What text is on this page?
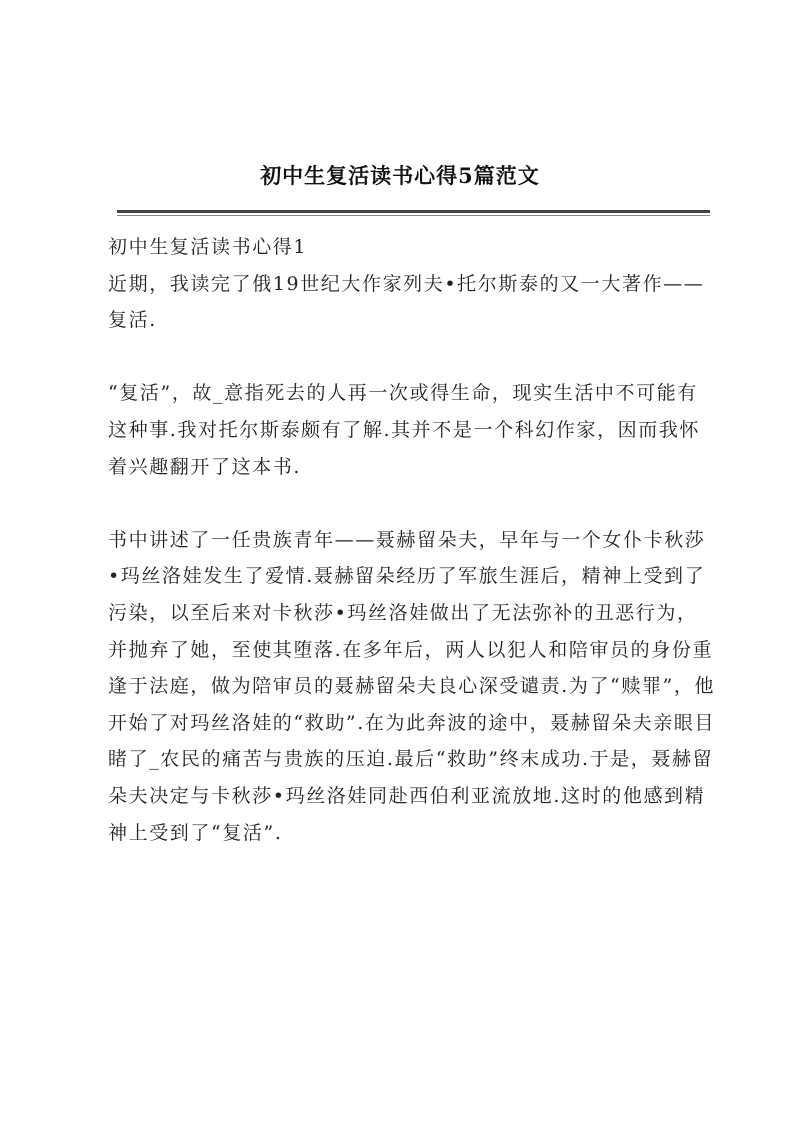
初中生复活读书心得5篇范文

初中生复活读书心得1

近期，我读完了俄19世纪大作家列夫•托尔斯泰的又一大著作——复活.

“复活”，故_意指死去的人再一次或得生命，现实生活中不可能有这种事.我对托尔斯泰颇有了解.其并不是一个科幻作家，因而我怀着兴趣翻开了这本书.

书中讲述了一任贵族青年——聂赫留朵夫，早年与一个女仆卡秋莎•玛丝洛娃发生了爱情.聂赫留朵经历了军旅生涯后，精神上受到了污染，以至后来对卡秋莎•玛丝洛娃做出了无法弥补的丑恶行为，并抛弃了她，至使其堕落.在多年后，两人以犯人和陪审员的身份重逢于法庭，做为陪审员的聂赫留朵夫良心深受谴责.为了“赎罪”，他开始了对玛丝洛娃的“救助”.在为此奔波的途中，聂赫留朵夫亲眼目睹了_农民的痛苦与贵族的压迫.最后“救助”终末成功.于是，聂赫留朵夫决定与卡秋莎•玛丝洛娃同赴西伯利亚流放地.这时的他感到精神上受到了“复活”.
